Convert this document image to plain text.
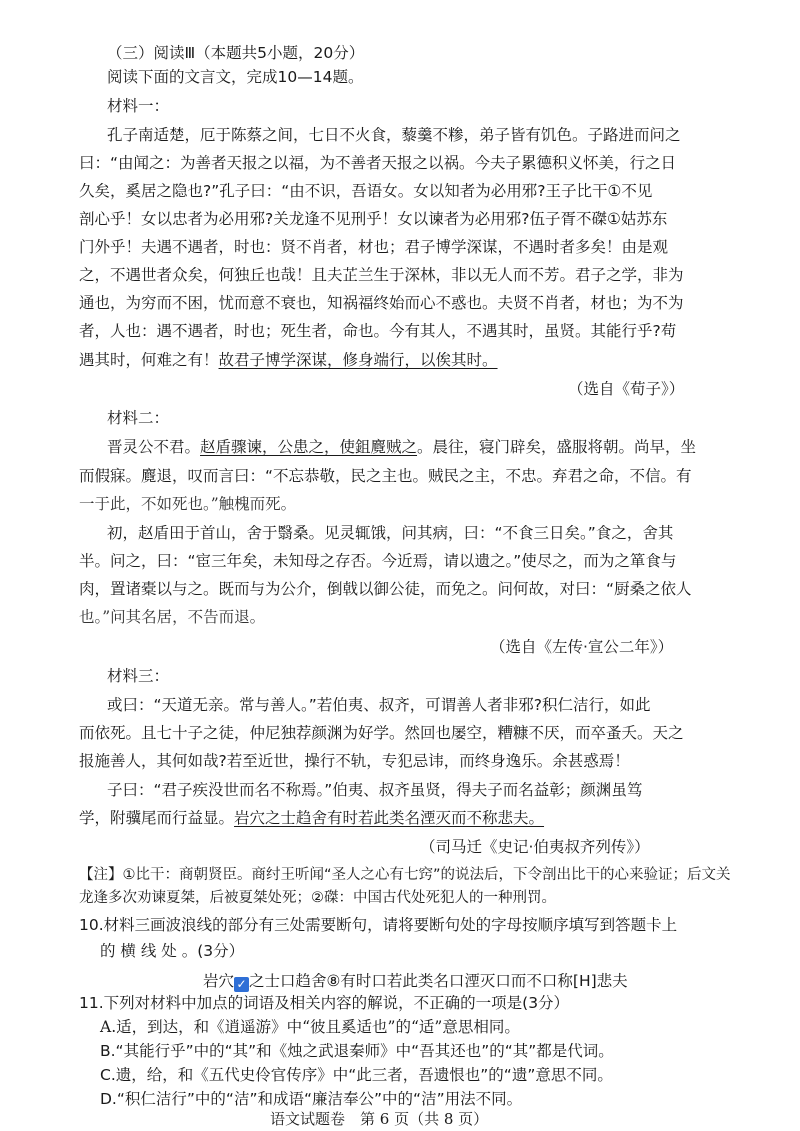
（三）阅读Ⅲ（本题共5小题，20分）
阅读下面的文言文，完成10—14题。
材料一：
孔子南适楚，厄于陈蔡之间，七日不火食，藜羹不糁，弟子皆有饥色。子路进而问之
曰：“由闻之：为善者天报之以福，为不善者天报之以祸。今夫子累德积义怀美，行之日
久矣，奚居之隐也?”孔子曰：“由不识，吾语女。女以知者为必用邪?王子比干①不见
剖心乎！女以忠者为必用邪?关龙逢不见刑乎！女以谏者为必用邪?伍子胥不磔①姑苏东
门外乎！夫遇不遇者，时也：贤不肖者，材也；君子博学深谋，不遇时者多矣！由是观
之，不遇世者众矣，何独丘也哉！且夫芷兰生于深林，非以无人而不芳。君子之学，非为
通也，为穷而不困，忧而意不衰也，知祸福终始而心不惑也。夫贤不肖者，材也；为不为
者，人也：遇不遇者，时也；死生者，命也。今有其人，不遇其时，虽贤。其能行乎?苟
遇其时，何难之有！故君子博学深谋，修身端行，以俟其时。
（选自《荀子》）
材料二：
晋灵公不君。赵盾骤谏，公患之，使鉏麑贼之。晨往，寝门辟矣，盛服将朝。尚早，坐
而假寐。麑退，叹而言曰：“不忘恭敬，民之主也。贼民之主，不忠。弃君之命，不信。有
一于此，不如死也。”触槐而死。
初，赵盾田于首山，舍于翳桑。见灵辄饿，问其病，曰：“不食三日矣。”食之，舍其
半。问之，曰：“宦三年矣，未知母之存否。今近焉，请以遗之。”使尽之，而为之箪食与
肉，置诸橐以与之。既而与为公介，倒戟以御公徒，而免之。问何故，对曰：“厨桑之依人
也。”问其名居，不告而退。
（选自《左传·宣公二年》）
材料三：
或曰：“天道无亲。常与善人。”若伯夷、叔齐，可谓善人者非邪?积仁洁行，如此
而依死。且七十子之徒，仲尼独荐颜渊为好学。然回也屡空，糟糠不厌，而卒蚤夭。天之
报施善人，其何如哉?若至近世，操行不轨，专犯忌讳，而终身逸乐。余甚惑焉！
子曰：“君子疾没世而名不称焉。”伯夷、叔齐虽贤，得夫子而名益彰；颜渊虽笃
学，附骥尾而行益显。岩穴之士趋舍有时若此类名湮灭而不称悲夫。
（司马迁《史记·伯夷叔齐列传》）
【注】①比干：商朝贤臣。商纣王听闻“圣人之心有七窍”的说法后，下令剖出比干的心来验证；后文关
龙逢多次劝谏夏桀，后被夏桀处死；②磔：中国古代处死犯人的一种刑罚。
10.材料三画波浪线的部分有三处需要断句，请将要断句处的字母按顺序填写到答题卡上
的 横 线 处 。(3分）
岩穴 ✓ 之士口趋舍⑧有时口若此类名口湮灭口而不口称[H]悲夫
11.下列对材料中加点的词语及相关内容的解说，不正确的一项是(3分）
A.适，到达，和《逍遥游》中“彼且奚适也”的“适”意思相同。
B.“其能行乎”中的“其”和《烛之武退秦师》中“吾其还也”的“其”都是代词。
C.遗，给，和《五代史伶官传序》中“此三者，吾遗恨也”的“遗”意思不同。
D.“积仁洁行”中的“洁”和成语“廉洁奉公”中的“洁”用法不同。
语文试题卷　第 6 页（共 8 页）
